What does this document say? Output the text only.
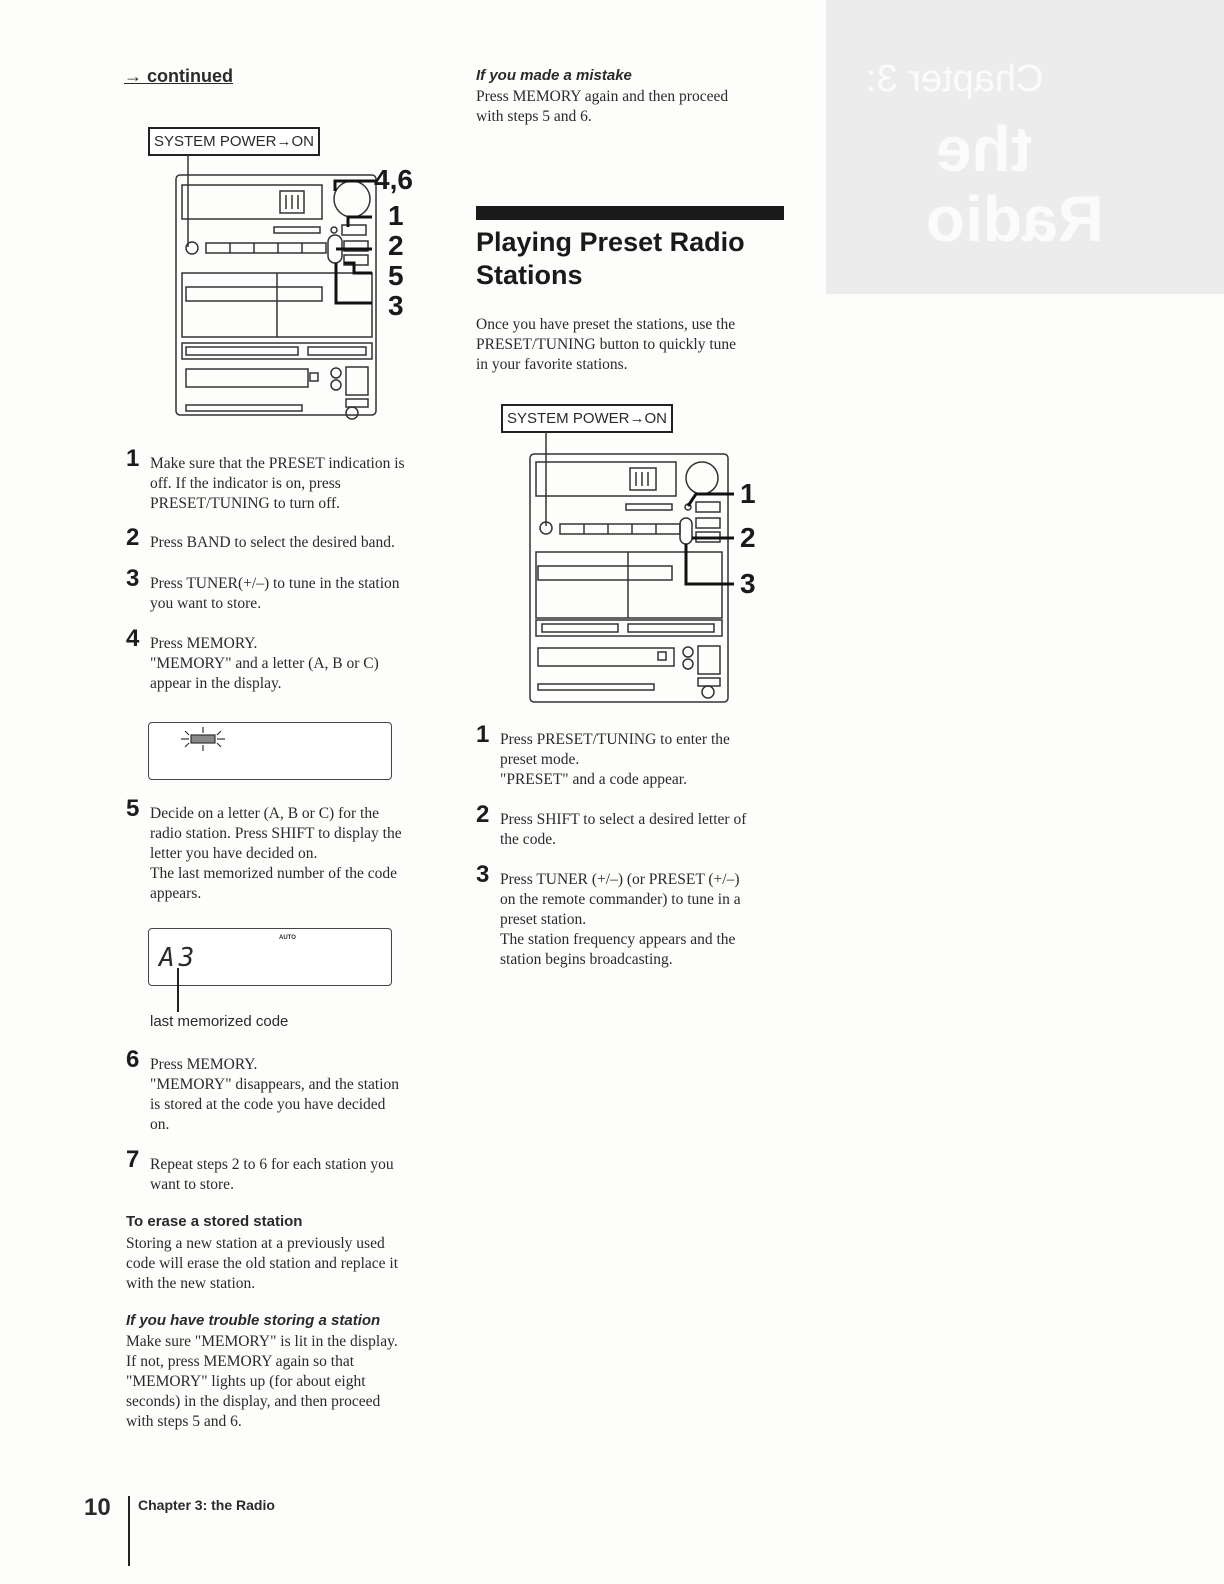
→ continued	Chapter 3:
the
Radio
SYSTEM POWER→ON
4,6
1
2
5
3
1 Make sure that the PRESET indication is
off. If the indicator is on, press
PRESET/TUNING to turn off.
2 Press BAND to select the desired band.
3 Press TUNER(+/–) to tune in the station
you want to store.
4 Press MEMORY.
"MEMORY" and a letter (A, B or C)
appear in the display.
5 Decide on a letter (A, B or C) for the
radio station. Press SHIFT to display the
letter you have decided on.
The last memorized number of the code
appears.
AUTO
A3
last memorized code
6 Press MEMORY.
"MEMORY" disappears, and the station
is stored at the code you have decided
on.
7 Repeat steps 2 to 6 for each station you
want to store.
To erase a stored station
Storing a new station at a previously used
code will erase the old station and replace it
with the new station.
If you have trouble storing a station
Make sure "MEMORY" is lit in the display.
If not, press MEMORY again so that
"MEMORY" lights up (for about eight
seconds) in the display, and then proceed
with steps 5 and 6.
If you made a mistake
Press MEMORY again and then proceed
with steps 5 and 6.
Playing Preset Radio
Stations
Once you have preset the stations, use the
PRESET/TUNING button to quickly tune
in your favorite stations.
SYSTEM POWER→ON
1
2
3
1 Press PRESET/TUNING to enter the
preset mode.
"PRESET" and a code appear.
2 Press SHIFT to select a desired letter of
the code.
3 Press TUNER (+/–) (or PRESET (+/–)
on the remote commander) to tune in a
preset station.
The station frequency appears and the
station begins broadcasting.
10 Chapter 3: the Radio
